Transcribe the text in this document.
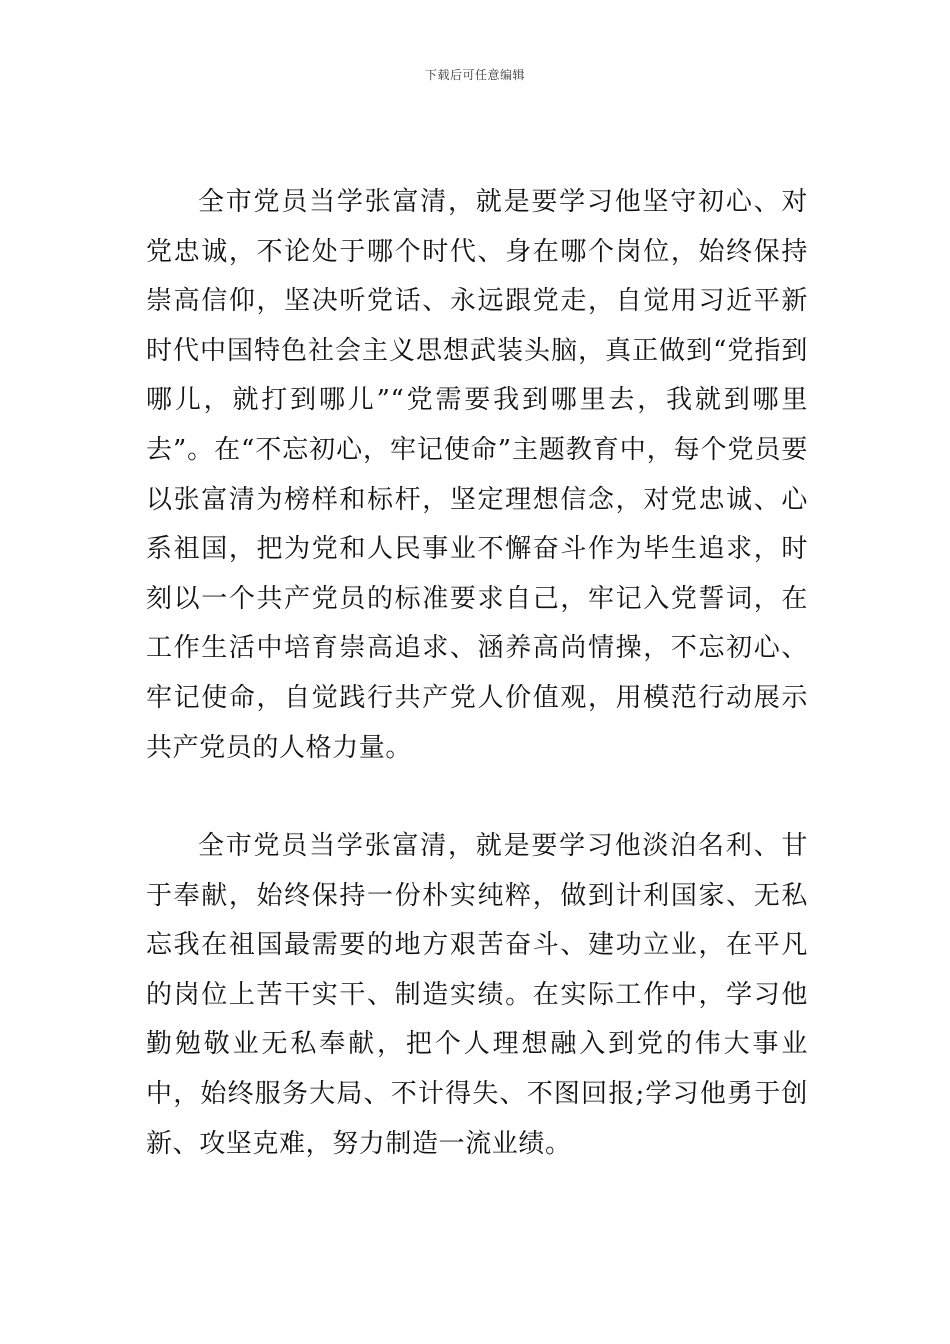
下载后可任意编辑

全市党员当学张富清，就是要学习他坚守初心、对党忠诚，不论处于哪个时代、身在哪个岗位，始终保持崇高信仰，坚决听党话、永远跟党走，自觉用习近平新时代中国特色社会主义思想武装头脑，真正做到“党指到哪儿，就打到哪儿”“党需要我到哪里去，我就到哪里去”。在“不忘初心，牢记使命”主题教育中，每个党员要以张富清为榜样和标杆，坚定理想信念，对党忠诚、心系祖国，把为党和人民事业不懈奋斗作为毕生追求，时刻以一个共产党员的标准要求自己，牢记入党誓词，在工作生活中培育崇高追求、涵养高尚情操，不忘初心、牢记使命，自觉践行共产党人价值观，用模范行动展示共产党员的人格力量。

全市党员当学张富清，就是要学习他淡泊名利、甘于奉献，始终保持一份朴实纯粹，做到计利国家、无私忘我在祖国最需要的地方艰苦奋斗、建功立业，在平凡的岗位上苦干实干、制造实绩。在实际工作中，学习他勤勉敬业无私奉献，把个人理想融入到党的伟大事业中，始终服务大局、不计得失、不图回报;学习他勇于创新、攻坚克难，努力制造一流业绩。
